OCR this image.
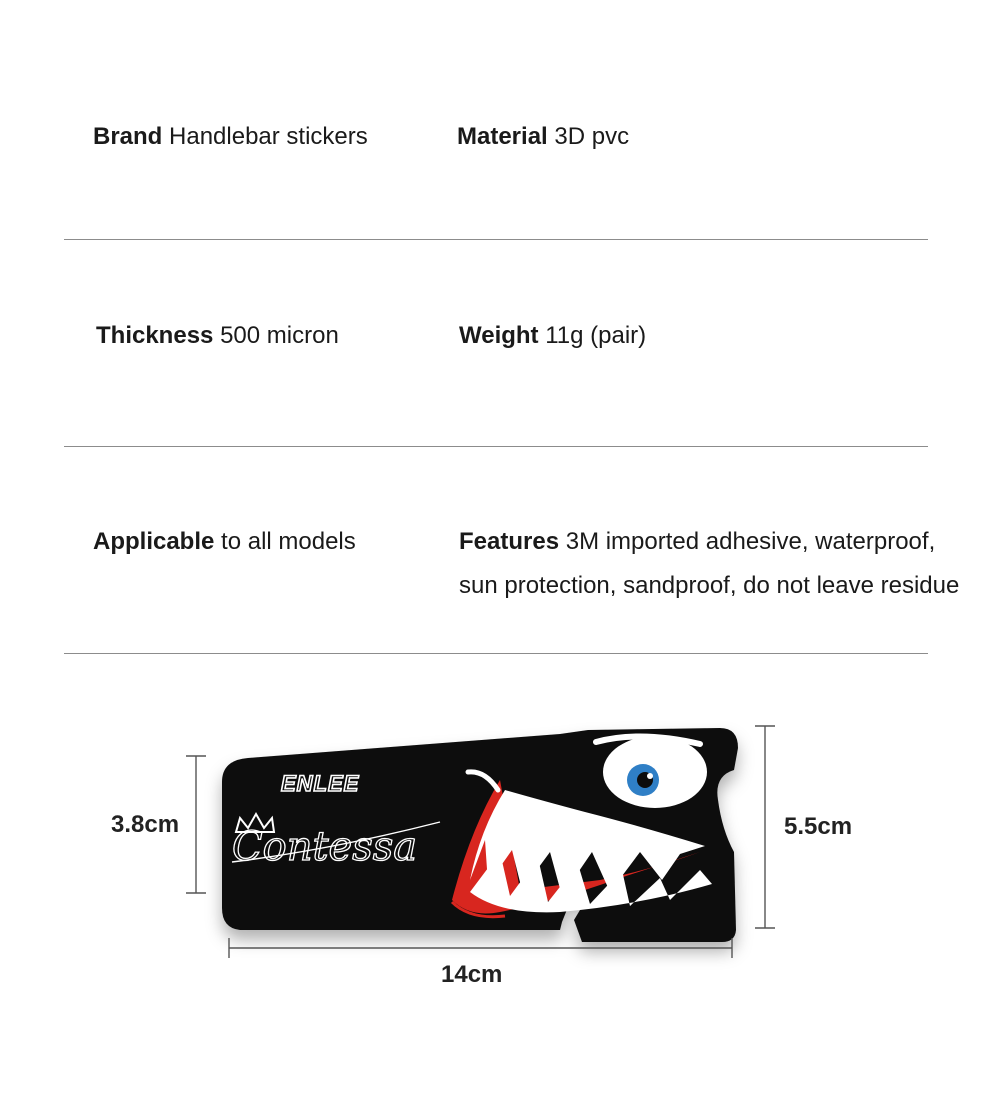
Brand Handlebar stickers	Material 3D pvc
Thickness 500 micron	Weight 11g (pair)
Applicable to all models	Features 3M imported adhesive, waterproof,
sun protection, sandproof, do not leave residue
ENLEE
Contessa
3.8cm	5.5cm
14cm
